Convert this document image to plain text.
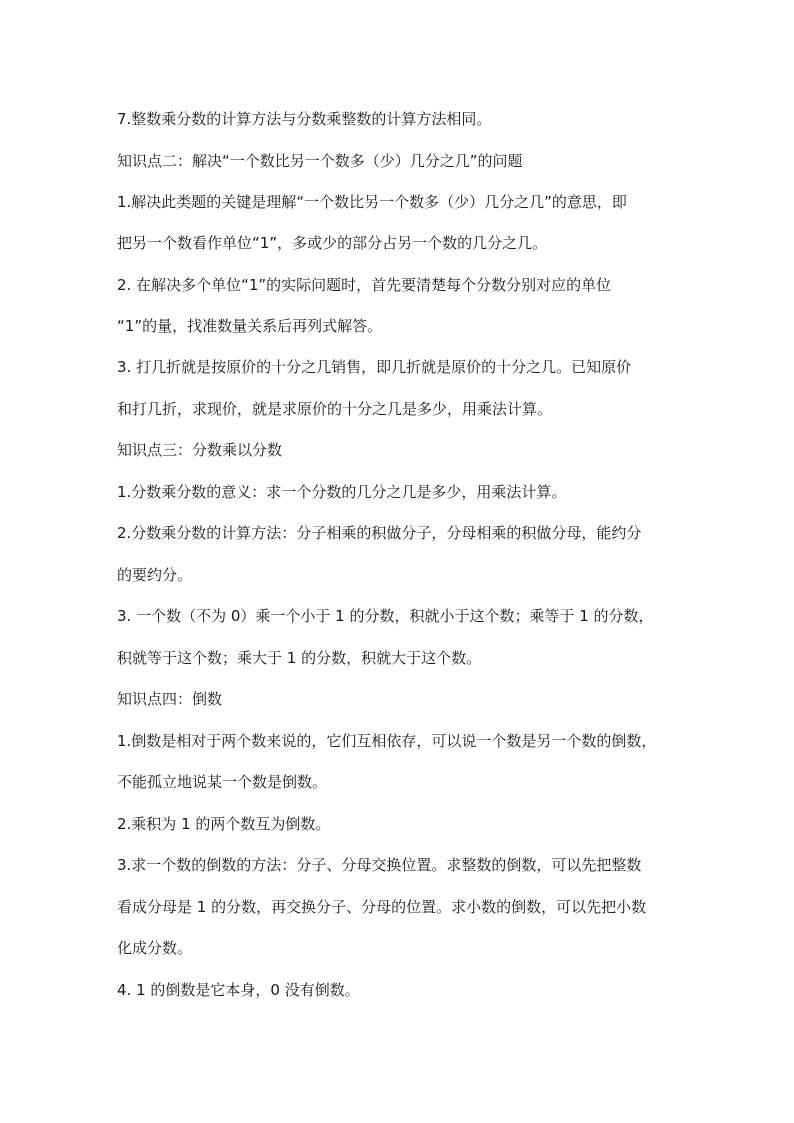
7.整数乘分数的计算方法与分数乘整数的计算方法相同。
知识点二：解决“一个数比另一个数多（少）几分之几”的问题
1.解决此类题的关键是理解“一个数比另一个数多（少）几分之几”的意思，即
把另一个数看作单位“1”，多或少的部分占另一个数的几分之几。
2. 在解决多个单位“1”的实际问题时，首先要清楚每个分数分别对应的单位
“1”的量，找准数量关系后再列式解答。
3. 打几折就是按原价的十分之几销售，即几折就是原价的十分之几。已知原价
和打几折，求现价，就是求原价的十分之几是多少，用乘法计算。
知识点三：分数乘以分数
1.分数乘分数的意义：求一个分数的几分之几是多少，用乘法计算。
2.分数乘分数的计算方法：分子相乘的积做分子，分母相乘的积做分母，能约分
的要约分。
3. 一个数（不为 0）乘一个小于 1 的分数，积就小于这个数；乘等于 1 的分数，
积就等于这个数；乘大于 1 的分数，积就大于这个数。
知识点四：倒数
1.倒数是相对于两个数来说的，它们互相依存，可以说一个数是另一个数的倒数，
不能孤立地说某一个数是倒数。
2.乘积为 1 的两个数互为倒数。
3.求一个数的倒数的方法：分子、分母交换位置。求整数的倒数，可以先把整数
看成分母是 1 的分数，再交换分子、分母的位置。求小数的倒数，可以先把小数
化成分数。
4. 1 的倒数是它本身，0 没有倒数。
